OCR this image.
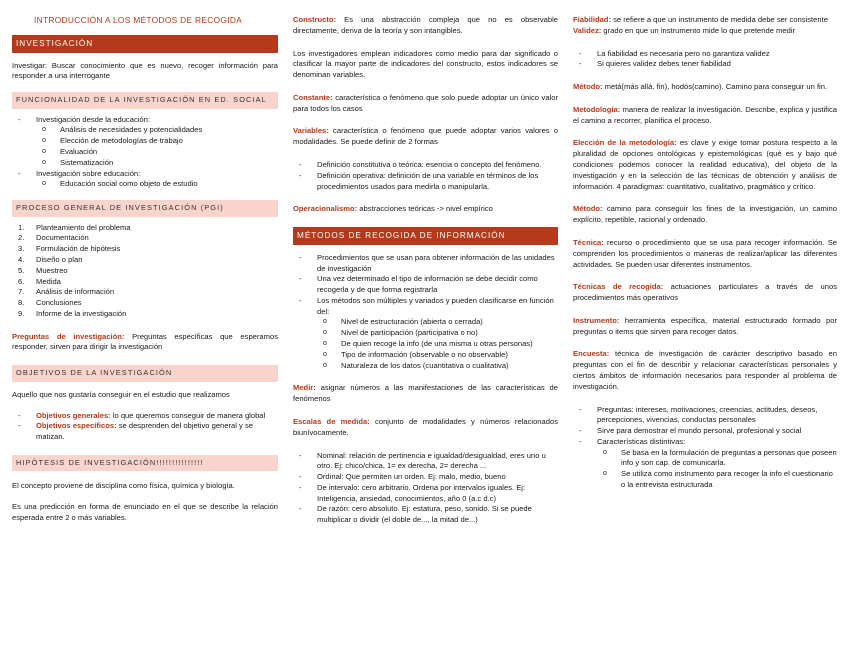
INTRODUCCIÓN A LOS MÉTODOS DE RECOGIDA
INVESTIGACIÓN

Investigar: Buscar conocimiento que es nuevo, recoger información para responder a una interrogante

FUNCIONALIDAD DE LA INVESTIGACIÓN EN ED. SOCIAL
- Investigación desde la educación:
o Análisis de necesidades y potencialidades
o Elección de metodologías de trabajo
o Evaluación
o Sistematización
- Investigación sobre educación:
o Educación social como objeto de estudio
PROCESO GENERAL DE INVESTIGACIÓN (PGI)
1. Planteamiento del problema
2. Documentación
3. Formulación de hipótesis
4. Diseño o plan
5. Muestreo
6. Medida
7. Análisis de información
8. Conclusiones
9. Informe de la investigación

Preguntas de investigación: Preguntas específicas que esperamos responder, sirven para dirigir la investigación

OBJETIVOS DE LA INVESTIGACIÓN

Aquello que nos gustaría conseguir en el estudio que realizamos

- Objetivos generales: lo que queremos conseguir de manera global
- Objetivos específicos: se desprenden del objetivo general y se matizan.
HIPÓTESIS DE INVESTIGACIÓN!!!!!!!!!!!!!!!

El concepto proviene de disciplina como física, química y biología.

Es una predicción en forma de enunciado en el que se describe la relación esperada entre 2 o más variables.

Constructo: Es una abstracción compleja que no es observable directamente, deriva de la teoría y son intangibles.

Los investigadores emplean indicadores como medio para dar significado o clasificar la mayor parte de indicadores del constructo, estos indicadores se denominan variables.

Constante: característica o fenómeno que solo puede adoptar un único valor para todos los casos

Variables: característica o fenómeno que puede adoptar varios valores o modalidades. Se puede definir de 2 formas

- Definición constitutiva o teórica: esencia o concepto del fenómeno.
- Definición operativa: definición de una variable en términos de los procedimientos usados para medirla o manipularla.

Operacionalismo: abstracciones teóricas -> nivel empírico

MÉTODOS DE RECOGIDA DE INFORMACIÓN
- Procedimientos que se usan para obtener información de las unidades de investigación
- Una vez determinado el tipo de información se debe decidir como recogerla y de que forma registrarla
- Los métodos son múltiples y variados y pueden clasificarse en función del:
o Nivel de estructuración (abierta o cerrada)
o Nivel de participación (participativa o no)
o De quien recoge la info (de una misma u otras personas)
o Tipo de información (observable o no observable)
o Naturaleza de los datos (cuantitativa o cualitativa)

Medir: asignar números a las manifestaciones de las características de fenómenos

Escalas de medida: conjunto de modalidades y números relacionados biunívocamente.

- Nominal: relación de pertinencia e igualdad/desigualdad, eres uno u otro. Ej: chico/chica, 1= ex derecha, 2= derecha ...
- Ordinal: Que permiten un orden. Ej: malo, medio, bueno
- De intervalo: cero arbitrario. Ordena por intervalos iguales. Ej: Inteligencia, ansiedad, conocimientos, año 0 (a.c d.c)
- De razón: cero absoluto. Ej: estatura, peso, sonido. Si se puede multiplicar o dividir (el doble de..., la mitad de...)

Fiabilidad: se refiere a que un instrumento de medida debe ser consistente

Validez: grado en que un instrumento mide lo que pretende medir

- La fiabilidad es necesaria pero no garantiza validez
- Si quieres validez debes tener fiabilidad

Método: metá(más allá, fin), hodós(camino). Camino para conseguir un fin.

Metodología: manera de realizar la investigación. Describe, explica y justifica el camino a recorrer, planifica el proceso.

Elección de la metodología: es clave y exige tomar postura respecto a la pluralidad de opciones ontológicas y epistemológicas (qué es y bajo qué condiciones podemos conocer la realidad educativa), del objeto de la investigación y en la selección de las técnicas de obtención y análisis de información. 4 paradigmas: cuantitativo, cualitativo, pragmático y crítico.

Método: camino para conseguir los fines de la investigación, un camino explícito, repetible, racional y ordenado.

Técnica: recurso o procedimiento que se usa para recoger información. Se comprenden los procedimientos o maneras de realizar/aplicar las diferentes actividades. Se pueden usar diferentes instrumentos.

Técnicas de recogida: actuaciones particulares a través de unos procedimientos más operativos

Instrumento: herramienta específica, material estructurado formado por preguntas o items que sirven para recoger datos.

Encuesta: técnica de investigación de carácter descriptivo basado en preguntas con el fin de describir y relacionar características personales y ciertos ámbitos de información necesarios para responder al problema de investigación.

- Preguntas: intereses, motivaciones, creencias, actitudes, deseos, percepciones, vivencias, conductas personales
- Sirve para demostrar el mundo personal, profesional y social
- Características distintivas:
o Se basa en la formulación de preguntas a personas que poseen info y son cap. de comunicarla.
o Se utiliza como instrumento para recoger la info el cuestionario o la entrevista estructurada
